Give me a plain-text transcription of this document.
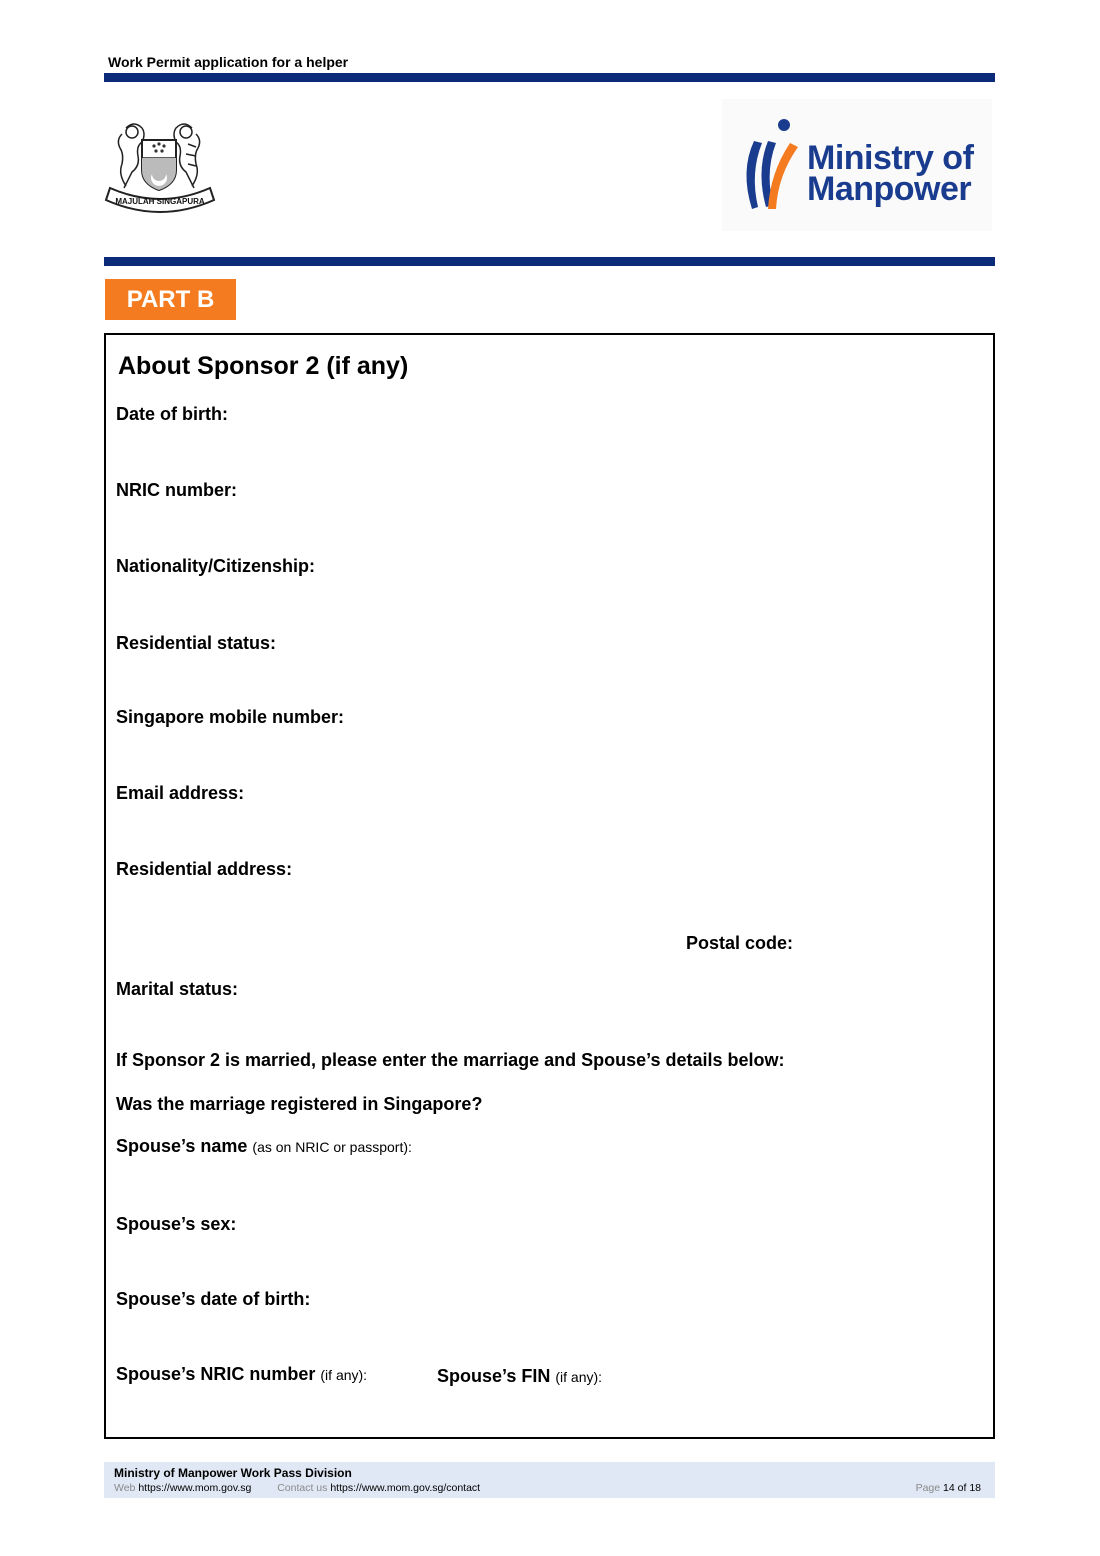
Work Permit application for a helper
MAJULAH SINGAPURA
Ministry of
Manpower
PART B
About Sponsor 2 (if any)
Date of birth:
NRIC number:
Nationality/Citizenship:
Residential status:
Singapore mobile number:
Email address:
Residential address:
Postal code:
Marital status:
If Sponsor 2 is married, please enter the marriage and Spouse’s details below:
Was the marriage registered in Singapore?
Spouse’s name (as on NRIC or passport):
Spouse’s sex:
Spouse’s date of birth:
Spouse’s NRIC number (if any):	Spouse’s FIN (if any):
Ministry of Manpower Work Pass Division
Web https://www.mom.gov.sg Contact us https://www.mom.gov.sg/contact	Page 14 of 18
